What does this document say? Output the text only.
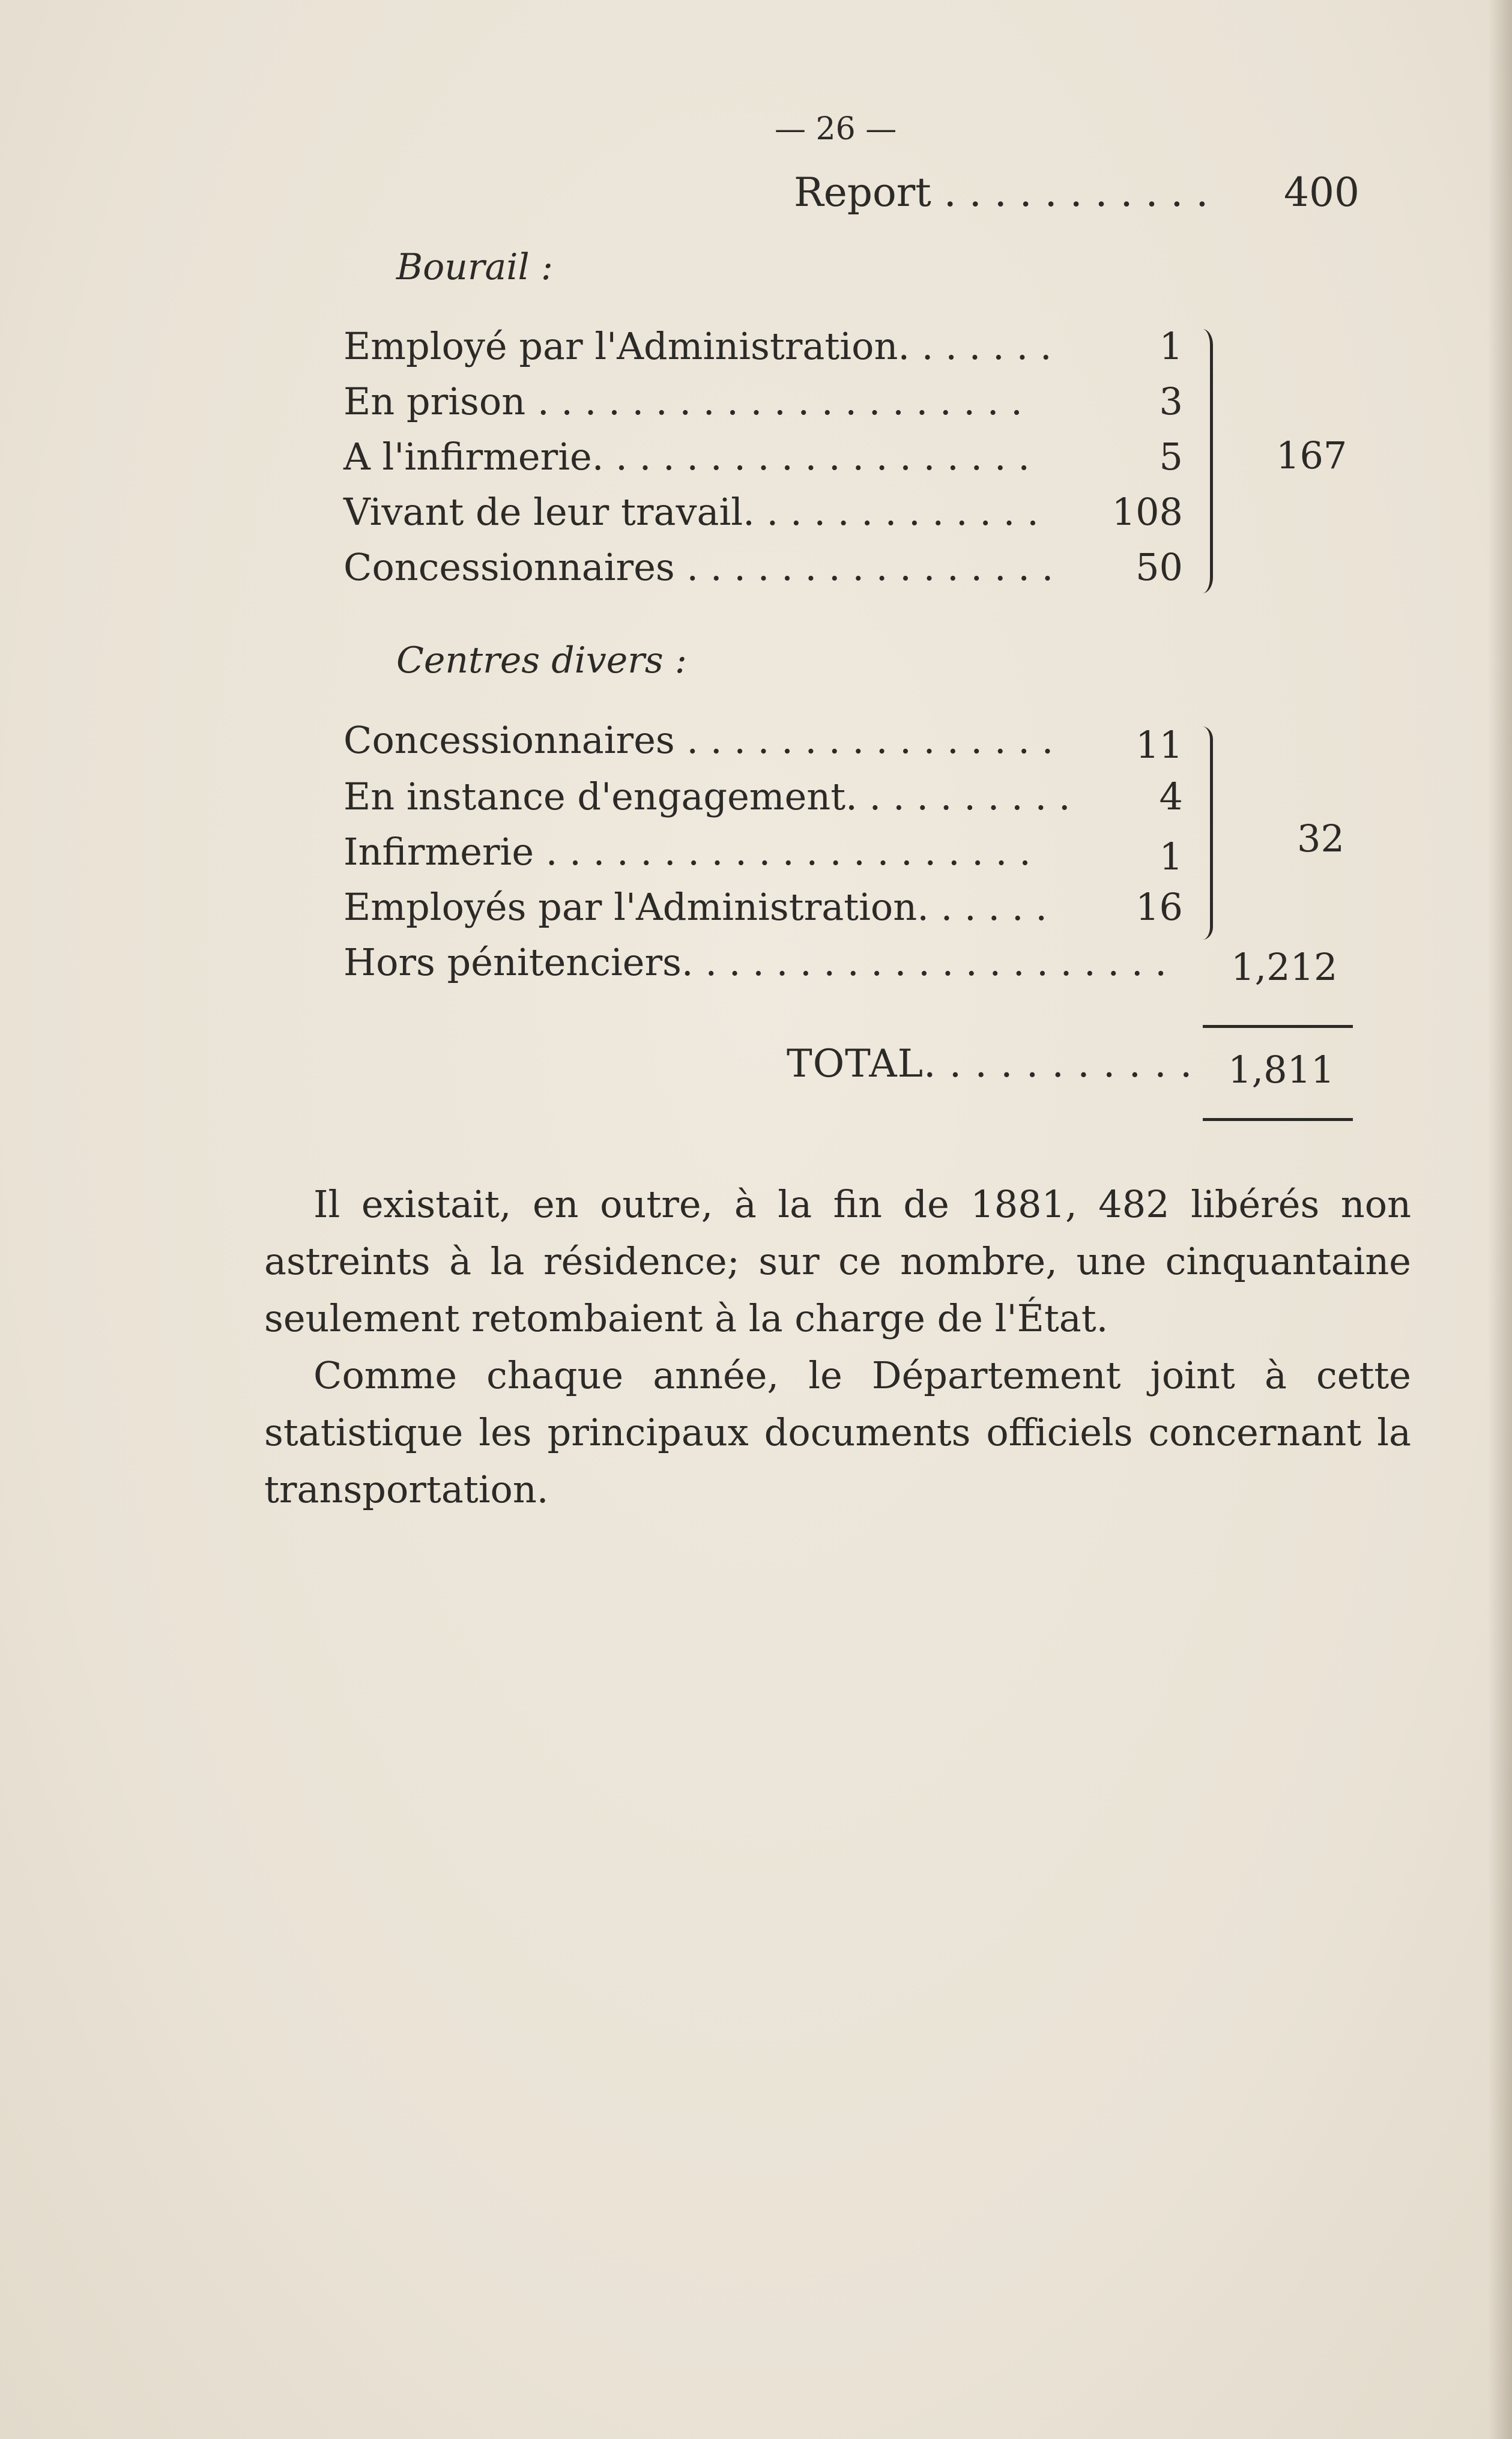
— 26 —
Report . . . . . . . . . . . 400
Bourail :
Employé par l'Administration. . . . . . .	1
En prison . . . . . . . . . . . . . . . . . . . . .	3
A l'infirmerie. . . . . . . . . . . . . . . . . . .	5
Vivant de leur travail. . . . . . . . . . . . .	108
Concessionnaires . . . . . . . . . . . . . . . .	50
167
Centres divers :
Concessionnaires . . . . . . . . . . . . . . . .	11
En instance d'engagement. . . . . . . . . .	4
Infirmerie . . . . . . . . . . . . . . . . . . . . .	1
Employés par l'Administration. . . . . .	16
32
Hors pénitenciers. . . . . . . . . . . . . . . . . . . . . 1,212
TOTAL. . . . . . . . . . . 1,811
Il existait, en outre, à la fin de 1881, 482 libérés non astreints à la résidence; sur ce nombre, une cinquantaine seulement retombaient à la charge de l'État.
Comme chaque année, le Département joint à cette statistique les principaux documents officiels concernant la transportation.
